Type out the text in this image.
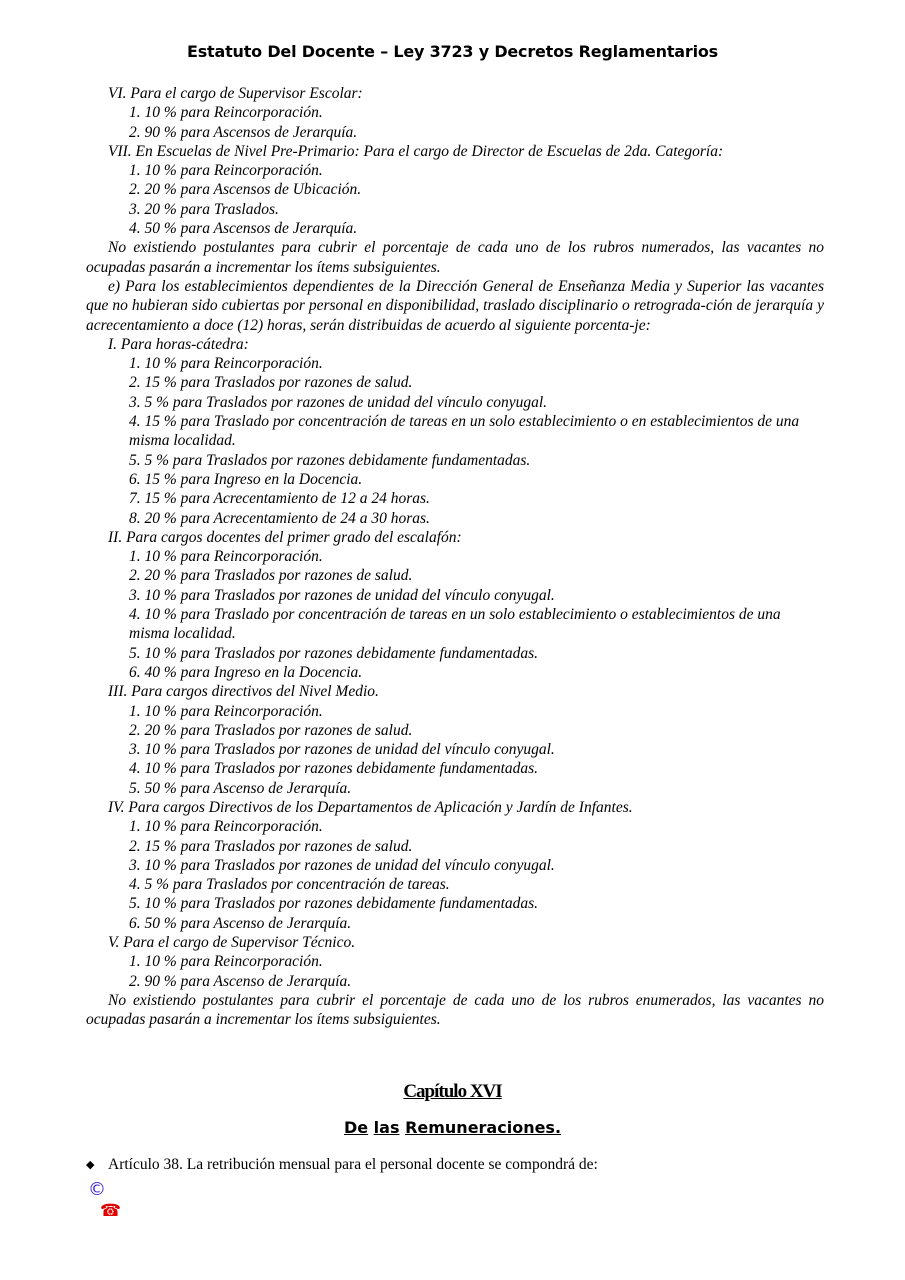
Estatuto Del Docente – Ley 3723 y Decretos Reglamentarios

VI. Para el cargo de Supervisor Escolar:

1. 10 % para Reincorporación.

2. 90 % para Ascensos de Jerarquía.

VII. En Escuelas de Nivel Pre-Primario: Para el cargo de Director de Escuelas de 2da. Categoría:

1. 10 % para Reincorporación.

2. 20 % para Ascensos de Ubicación.

3. 20 % para Traslados.

4. 50 % para Ascensos de Jerarquía.

No existiendo postulantes para cubrir el porcentaje de cada uno de los rubros numerados, las vacantes no ocupadas pasarán a incrementar los ítems subsiguientes.

e) Para los establecimientos dependientes de la Dirección General de Enseñanza Media y Superior las vacantes que no hubieran sido cubiertas por personal en disponibilidad, traslado disciplinario o retrograda-ción de jerarquía y acrecentamiento a doce (12) horas, serán distribuidas de acuerdo al siguiente porcenta-je:

I. Para horas-cátedra:

1. 10 % para Reincorporación.

2. 15 % para Traslados por razones de salud.

3. 5 % para Traslados por razones de unidad del vínculo conyugal.

4. 15 % para Traslado por concentración de tareas en un solo establecimiento o en establecimientos de una misma localidad.

5. 5 % para Traslados por razones debidamente fundamentadas.

6. 15 % para Ingreso en la Docencia.

7. 15 % para Acrecentamiento de 12 a 24 horas.

8. 20 % para Acrecentamiento de 24 a 30 horas.

II. Para cargos docentes del primer grado del escalafón:

1. 10 % para Reincorporación.

2. 20 % para Traslados por razones de salud.

3. 10 % para Traslados por razones de unidad del vínculo conyugal.

4. 10 % para Traslado por concentración de tareas en un solo establecimiento o establecimientos de una misma localidad.

5. 10 % para Traslados por razones debidamente fundamentadas.

6. 40 % para Ingreso en la Docencia.

III. Para cargos directivos del Nivel Medio.

1. 10 % para Reincorporación.

2. 20 % para Traslados por razones de salud.

3. 10 % para Traslados por razones de unidad del vínculo conyugal.

4. 10 % para Traslados por razones debidamente fundamentadas.

5. 50 % para Ascenso de Jerarquía.

IV. Para cargos Directivos de los Departamentos de Aplicación y Jardín de Infantes.

1. 10 % para Reincorporación.

2. 15 % para Traslados por razones de salud.

3. 10 % para Traslados por razones de unidad del vínculo conyugal.

4. 5 % para Traslados por concentración de tareas.

5. 10 % para Traslados por razones debidamente fundamentadas.

6. 50 % para Ascenso de Jerarquía.

V. Para el cargo de Supervisor Técnico.

1. 10 % para Reincorporación.

2. 90 % para Ascenso de Jerarquía.

No existiendo postulantes para cubrir el porcentaje de cada uno de los rubros enumerados, las vacantes no ocupadas pasarán a incrementar los ítems subsiguientes.

Capítulo XVI
De las Remuneraciones.
◆ Artículo 38. La retribución mensual para el personal docente se compondrá de:
©
☎
